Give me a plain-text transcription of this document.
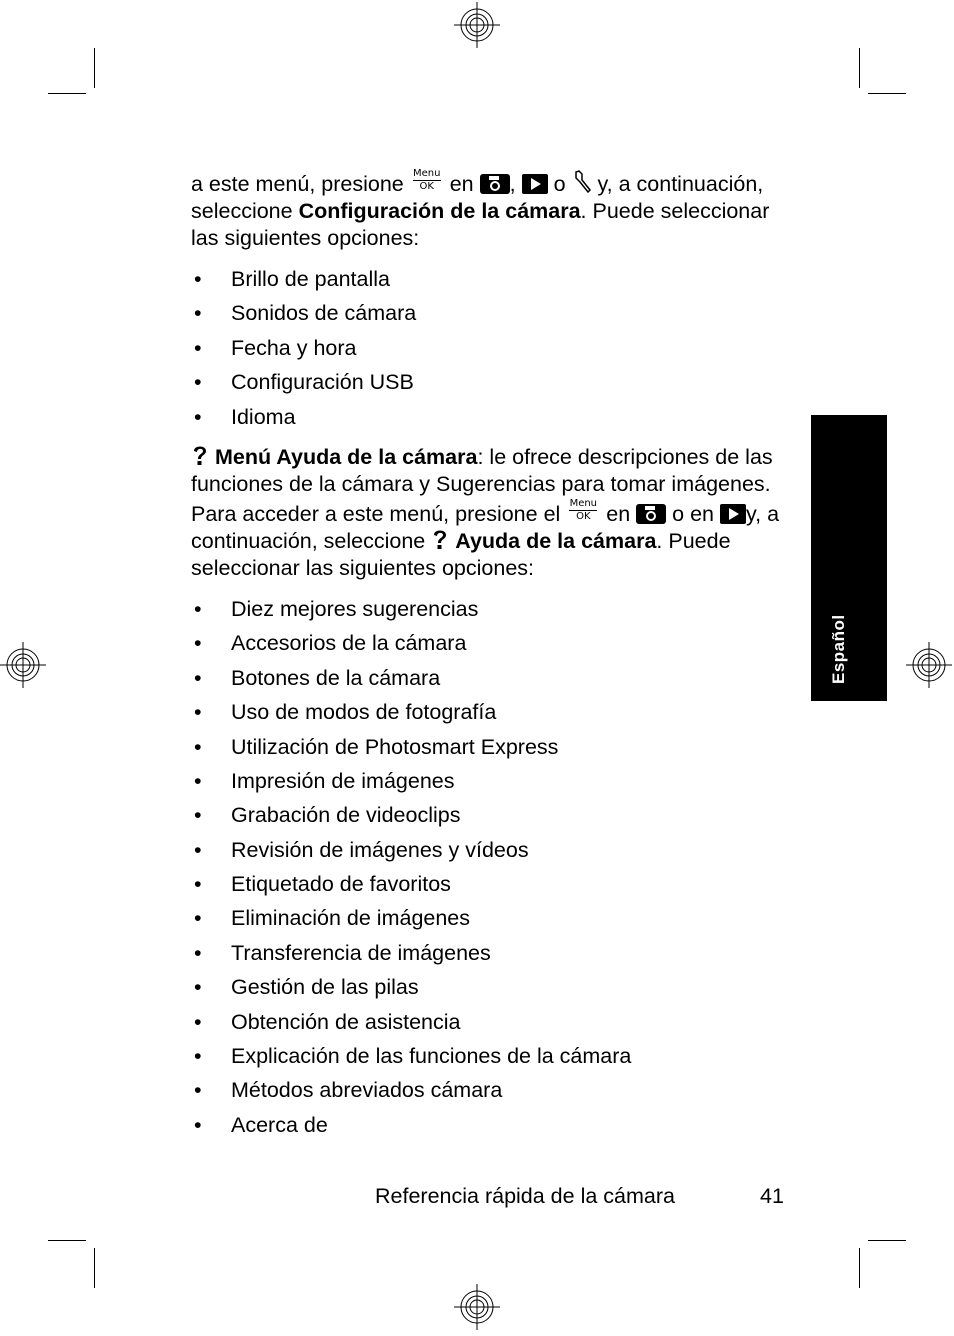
a este menú, presione Menu
OK en , o y, a continuación, seleccione Configuración de la cámara. Puede seleccionar las siguientes opciones:

• Brillo de pantalla
• Sonidos de cámara
• Fecha y hora
• Configuración USB
• Idioma

Menú Ayuda de la cámara: le ofrece descripciones de las funciones de la cámara y Sugerencias para tomar imágenes. Para acceder a este menú, presione el Menu
OK en o en y, a continuación, seleccione Ayuda de la cámara. Puede seleccionar las siguientes opciones:

• Diez mejores sugerencias
• Accesorios de la cámara
• Botones de la cámara
• Uso de modos de fotografía
• Utilización de Photosmart Express
• Impresión de imágenes
• Grabación de videoclips
• Revisión de imágenes y vídeos
• Etiquetado de favoritos
• Eliminación de imágenes
• Transferencia de imágenes
• Gestión de las pilas
• Obtención de asistencia
• Explicación de las funciones de la cámara
• Métodos abreviados cámara
• Acerca de
Español
Referencia rápida de la cámara	41
